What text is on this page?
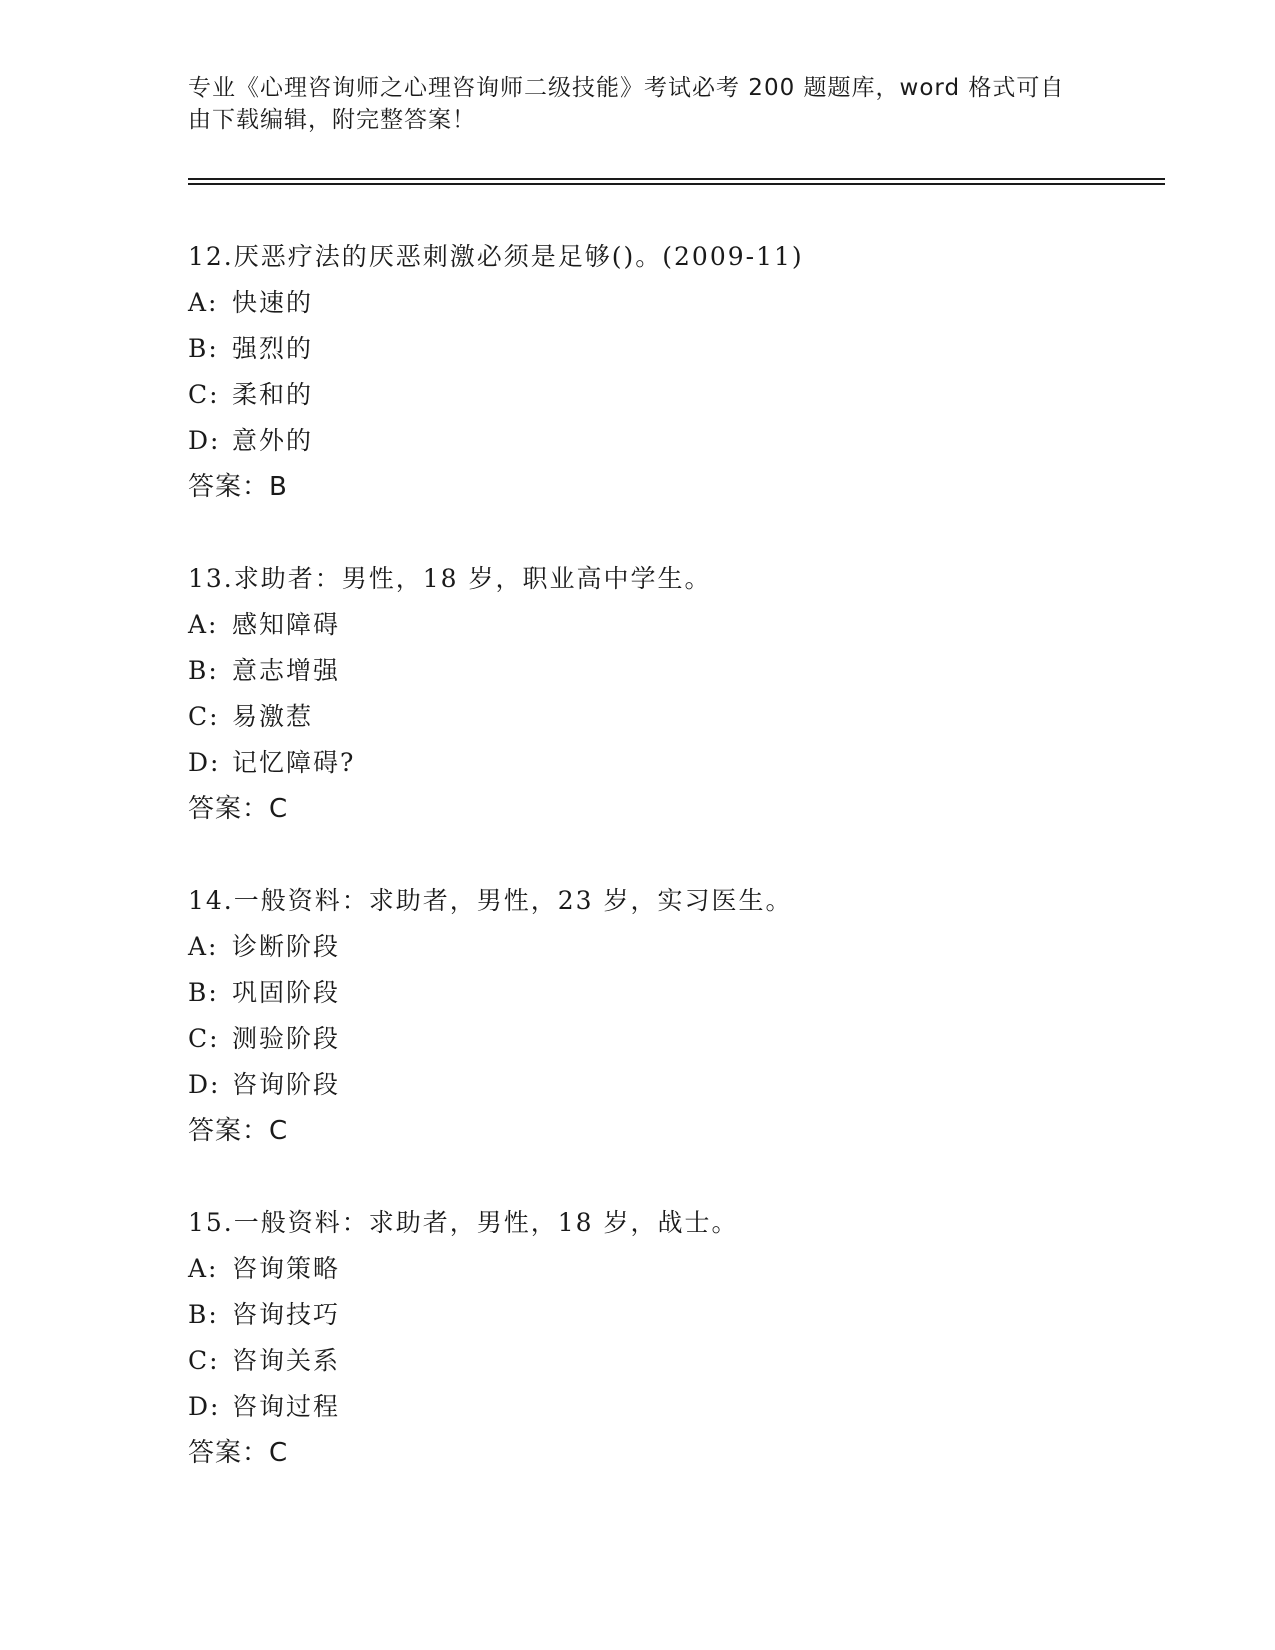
专业《心理咨询师之心理咨询师二级技能》考试必考 200 题题库，word 格式可自
由下载编辑，附完整答案！
12.厌恶疗法的厌恶刺激必须是足够()。(2009-11)
A: 快速的
B: 强烈的
C: 柔和的
D: 意外的
答案：B
13.求助者：男性，18 岁，职业高中学生。
A: 感知障碍
B: 意志增强
C: 易激惹
D: 记忆障碍?
答案：C
14.一般资料：求助者，男性，23 岁，实习医生。
A: 诊断阶段
B: 巩固阶段
C: 测验阶段
D: 咨询阶段
答案：C
15.一般资料：求助者，男性，18 岁，战士。
A: 咨询策略
B: 咨询技巧
C: 咨询关系
D: 咨询过程
答案：C
